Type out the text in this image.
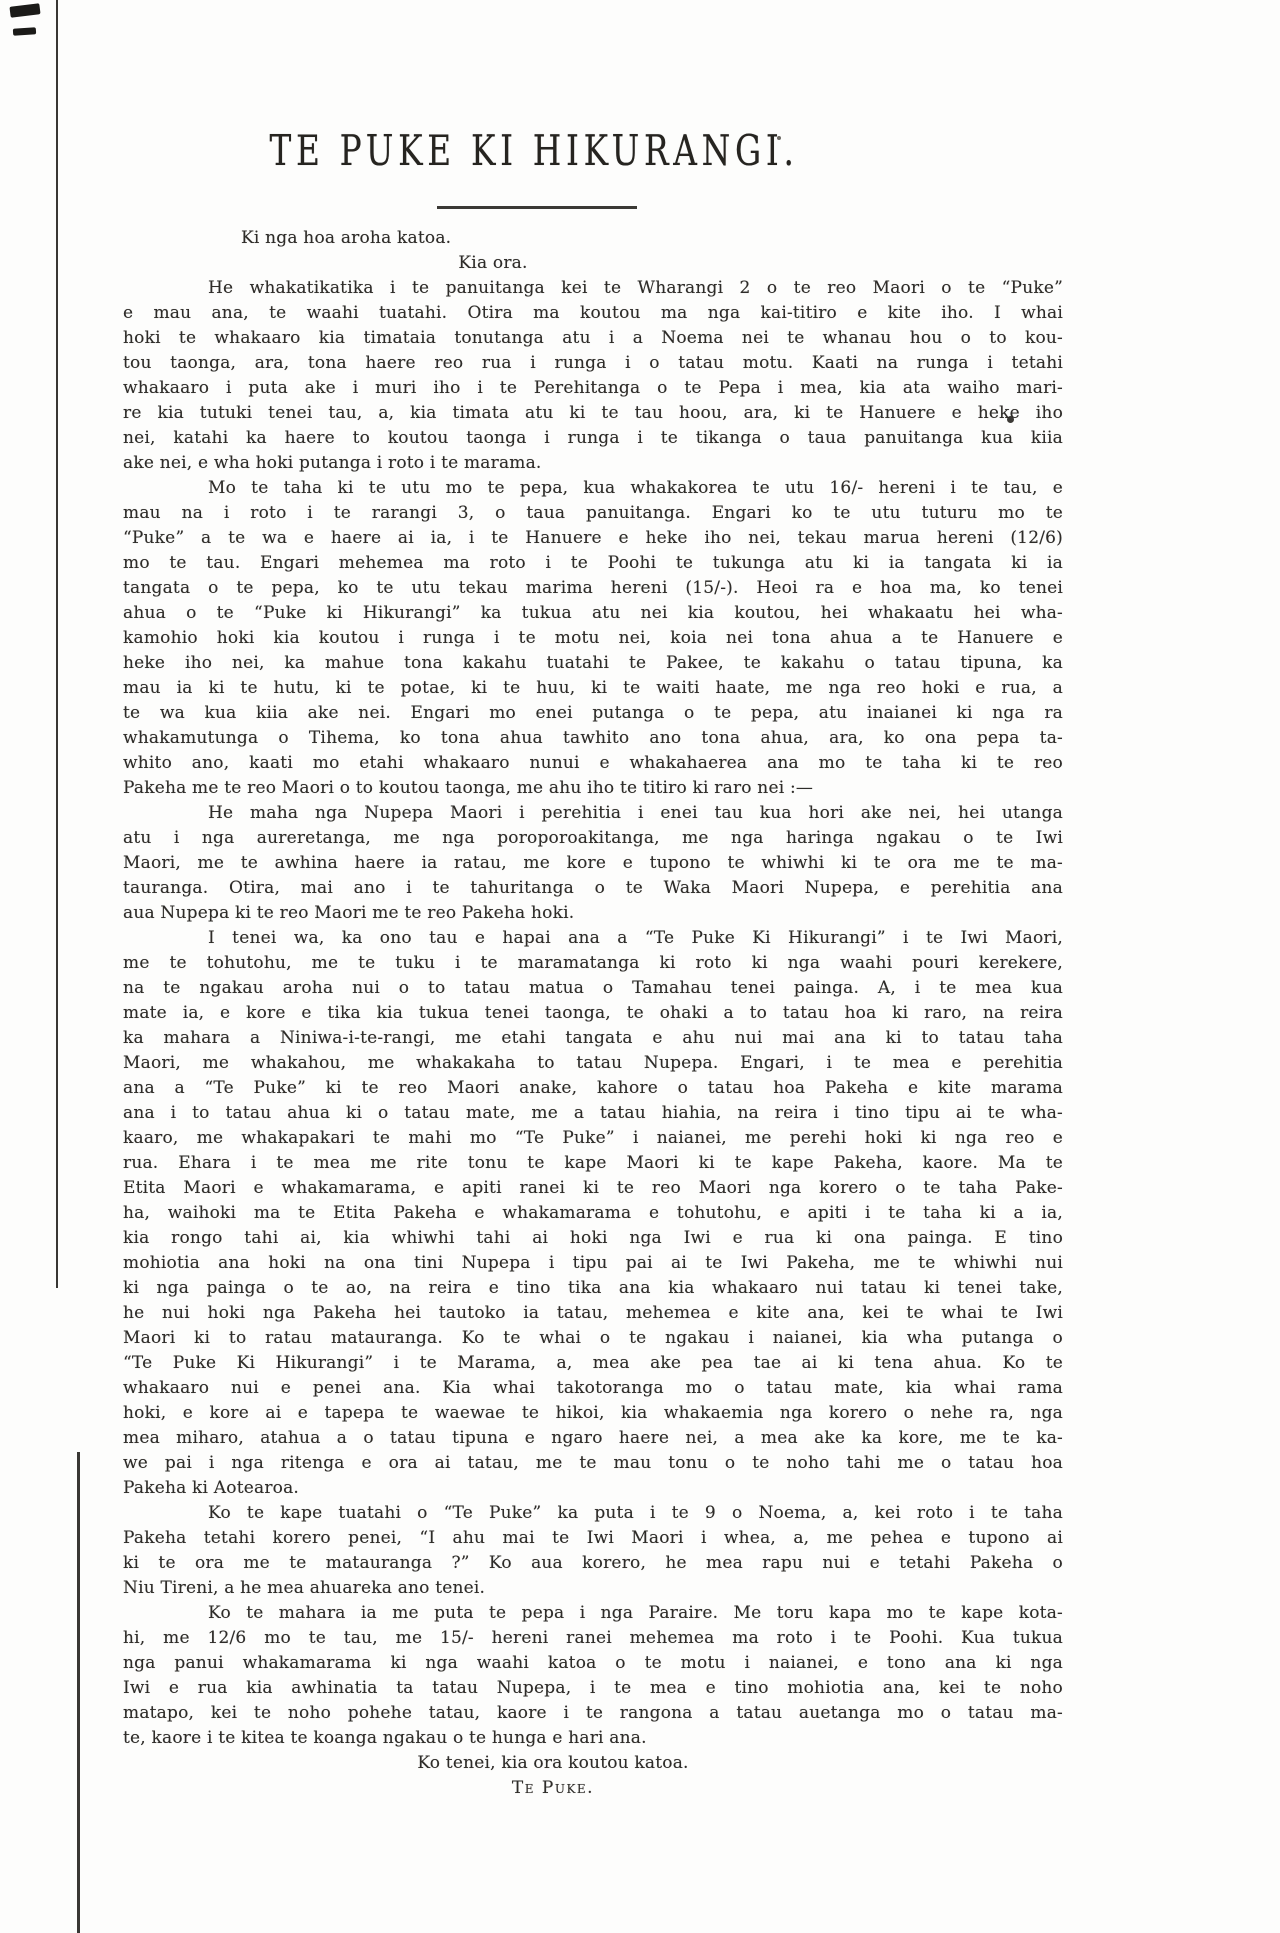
TE PUKE KI HIKURANGI.
Ki nga hoa aroha katoa.
Kia ora.
He whakatikatika i te panuitanga kei te Wharangi 2 o te reo Maori o te “Puke”
e mau ana, te waahi tuatahi. Otira ma koutou ma nga kai-titiro e kite iho. I whai
hoki te whakaaro kia timataia tonutanga atu i a Noema nei te whanau hou o to kou-
tou taonga, ara, tona haere reo rua i runga i o tatau motu. Kaati na runga i tetahi
whakaaro i puta ake i muri iho i te Perehitanga o te Pepa i mea, kia ata waiho mari-
re kia tutuki tenei tau, a, kia timata atu ki te tau hoou, ara, ki te Hanuere e heke iho
nei, katahi ka haere to koutou taonga i runga i te tikanga o taua panuitanga kua kiia
ake nei, e wha hoki putanga i roto i te marama.
Mo te taha ki te utu mo te pepa, kua whakakorea te utu 16/- hereni i te tau, e
mau na i roto i te rarangi 3, o taua panuitanga. Engari ko te utu tuturu mo te
“Puke” a te wa e haere ai ia, i te Hanuere e heke iho nei, tekau marua hereni (12/6)
mo te tau. Engari mehemea ma roto i te Poohi te tukunga atu ki ia tangata ki ia
tangata o te pepa, ko te utu tekau marima hereni (15/-). Heoi ra e hoa ma, ko tenei
ahua o te “Puke ki Hikurangi” ka tukua atu nei kia koutou, hei whakaatu hei wha-
kamohio hoki kia koutou i runga i te motu nei, koia nei tona ahua a te Hanuere e
heke iho nei, ka mahue tona kakahu tuatahi te Pakee, te kakahu o tatau tipuna, ka
mau ia ki te hutu, ki te potae, ki te huu, ki te waiti haate, me nga reo hoki e rua, a
te wa kua kiia ake nei. Engari mo enei putanga o te pepa, atu inaianei ki nga ra
whakamutunga o Tihema, ko tona ahua tawhito ano tona ahua, ara, ko ona pepa ta-
whito ano, kaati mo etahi whakaaro nunui e whakahaerea ana mo te taha ki te reo
Pakeha me te reo Maori o to koutou taonga, me ahu iho te titiro ki raro nei :—
He maha nga Nupepa Maori i perehitia i enei tau kua hori ake nei, hei utanga
atu i nga aureretanga, me nga poroporoakitanga, me nga haringa ngakau o te Iwi
Maori, me te awhina haere ia ratau, me kore e tupono te whiwhi ki te ora me te ma-
tauranga. Otira, mai ano i te tahuritanga o te Waka Maori Nupepa, e perehitia ana
aua Nupepa ki te reo Maori me te reo Pakeha hoki.
I tenei wa, ka ono tau e hapai ana a “Te Puke Ki Hikurangi” i te Iwi Maori,
me te tohutohu, me te tuku i te maramatanga ki roto ki nga waahi pouri kerekere,
na te ngakau aroha nui o to tatau matua o Tamahau tenei painga. A, i te mea kua
mate ia, e kore e tika kia tukua tenei taonga, te ohaki a to tatau hoa ki raro, na reira
ka mahara a Niniwa-i-te-rangi, me etahi tangata e ahu nui mai ana ki to tatau taha
Maori, me whakahou, me whakakaha to tatau Nupepa. Engari, i te mea e perehitia
ana a “Te Puke” ki te reo Maori anake, kahore o tatau hoa Pakeha e kite marama
ana i to tatau ahua ki o tatau mate, me a tatau hiahia, na reira i tino tipu ai te wha-
kaaro, me whakapakari te mahi mo “Te Puke” i naianei, me perehi hoki ki nga reo e
rua. Ehara i te mea me rite tonu te kape Maori ki te kape Pakeha, kaore. Ma te
Etita Maori e whakamarama, e apiti ranei ki te reo Maori nga korero o te taha Pake-
ha, waihoki ma te Etita Pakeha e whakamarama e tohutohu, e apiti i te taha ki a ia,
kia rongo tahi ai, kia whiwhi tahi ai hoki nga Iwi e rua ki ona painga. E tino
mohiotia ana hoki na ona tini Nupepa i tipu pai ai te Iwi Pakeha, me te whiwhi nui
ki nga painga o te ao, na reira e tino tika ana kia whakaaro nui tatau ki tenei take,
he nui hoki nga Pakeha hei tautoko ia tatau, mehemea e kite ana, kei te whai te Iwi
Maori ki to ratau matauranga. Ko te whai o te ngakau i naianei, kia wha putanga o
“Te Puke Ki Hikurangi” i te Marama, a, mea ake pea tae ai ki tena ahua. Ko te
whakaaro nui e penei ana. Kia whai takotoranga mo o tatau mate, kia whai rama
hoki, e kore ai e tapepa te waewae te hikoi, kia whakaemia nga korero o nehe ra, nga
mea miharo, atahua a o tatau tipuna e ngaro haere nei, a mea ake ka kore, me te ka-
we pai i nga ritenga e ora ai tatau, me te mau tonu o te noho tahi me o tatau hoa
Pakeha ki Aotearoa.
Ko te kape tuatahi o “Te Puke” ka puta i te 9 o Noema, a, kei roto i te taha
Pakeha tetahi korero penei, “I ahu mai te Iwi Maori i whea, a, me pehea e tupono ai
ki te ora me te matauranga ?” Ko aua korero, he mea rapu nui e tetahi Pakeha o
Niu Tireni, a he mea ahuareka ano tenei.
Ko te mahara ia me puta te pepa i nga Paraire. Me toru kapa mo te kape kota-
hi, me 12/6 mo te tau, me 15/- hereni ranei mehemea ma roto i te Poohi. Kua tukua
nga panui whakamarama ki nga waahi katoa o te motu i naianei, e tono ana ki nga
Iwi e rua kia awhinatia ta tatau Nupepa, i te mea e tino mohiotia ana, kei te noho
matapo, kei te noho pohehe tatau, kaore i te rangona a tatau auetanga mo o tatau ma-
te, kaore i te kitea te koanga ngakau o te hunga e hari ana.
Ko tenei, kia ora koutou katoa.
Te Puke.
